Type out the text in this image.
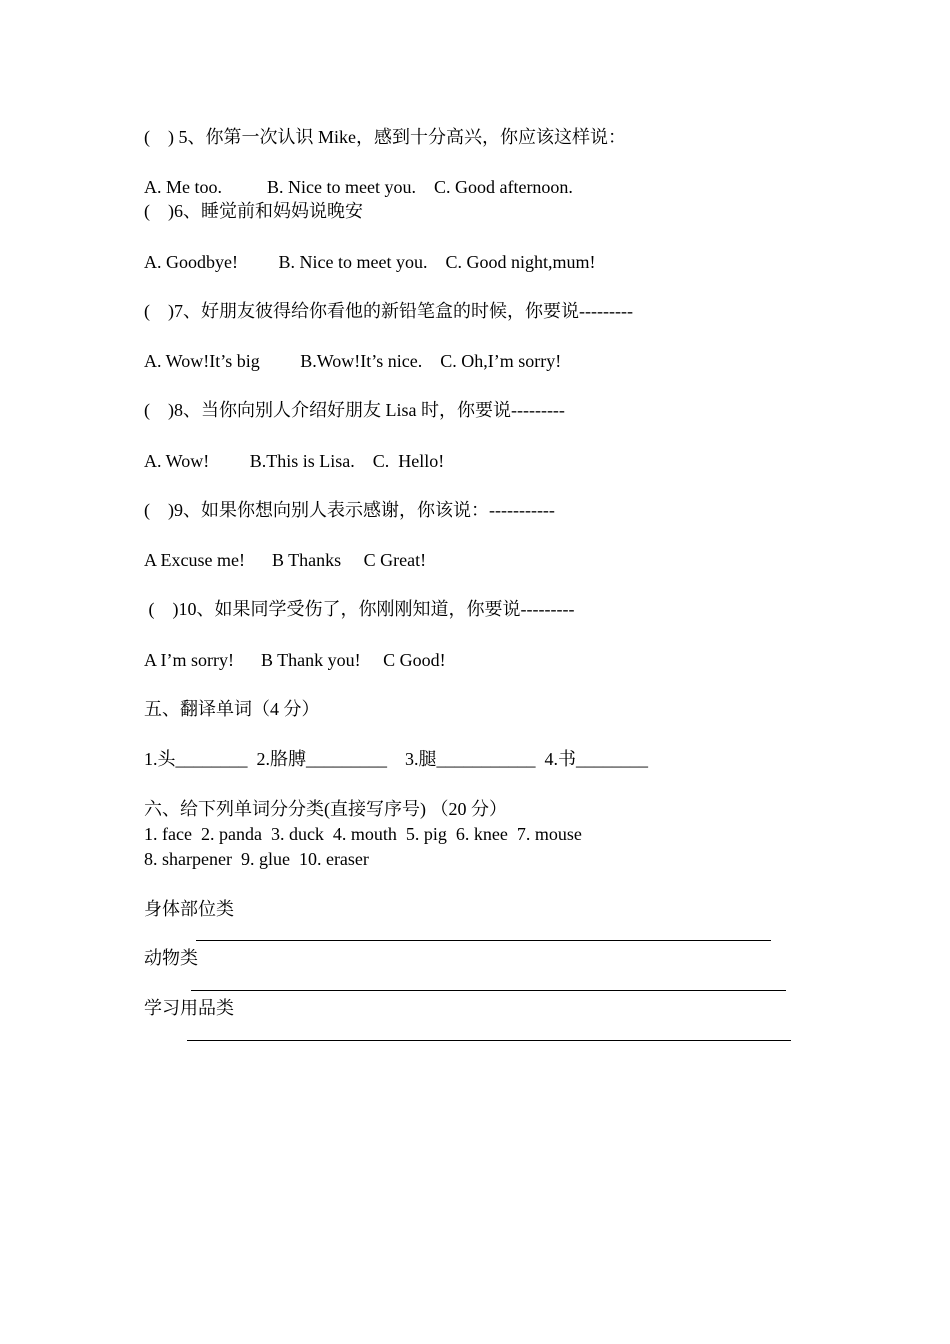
(    ) 5、你第一次认识 Mike，感到十分高兴，你应该这样说：
A. Me too.          B. Nice to meet you.    C. Good afternoon.
(    )6、睡觉前和妈妈说晚安
A. Goodbye!         B. Nice to meet you.    C. Good night,mum!
(    )7、好朋友彼得给你看他的新铅笔盒的时候，你要说---------
A. Wow!It’s big         B.Wow!It’s nice.    C. Oh,I’m sorry!
(    )8、当你向别人介绍好朋友 Lisa 时，你要说---------
A. Wow!         B.This is Lisa.    C.  Hello!
(    )9、如果你想向别人表示感谢，你该说：-----------
A Excuse me!      B Thanks     C Great!
(    )10、如果同学受伤了，你刚刚知道，你要说---------
A I’m sorry!      B Thank you!     C Good!
五、翻译单词（4 分）
1.头________  2.胳膊_________    3.腿___________  4.书________
六、给下列单词分分类(直接写序号) （20 分）
1. face  2. panda  3. duck  4. mouth  5. pig  6. knee  7. mouse
8. sharpener  9. glue  10. eraser
身体部位类
动物类
学习用品类
